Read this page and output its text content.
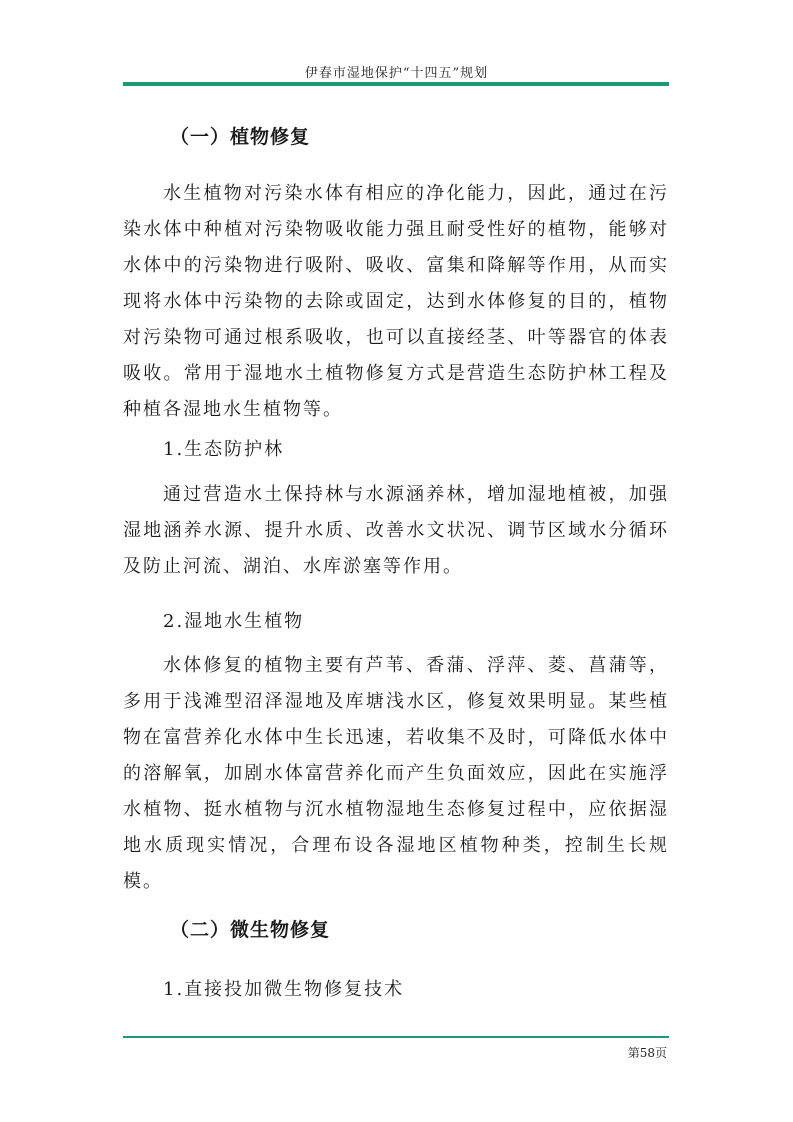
伊春市湿地保护“十四五”规划
（一）植物修复

水生植物对污染水体有相应的净化能力，因此，通过在污染水体中种植对污染物吸收能力强且耐受性好的植物，能够对水体中的污染物进行吸附、吸收、富集和降解等作用，从而实现将水体中污染物的去除或固定，达到水体修复的目的，植物对污染物可通过根系吸收，也可以直接经茎、叶等器官的体表吸收。常用于湿地水土植物修复方式是营造生态防护林工程及种植各湿地水生植物等。

1.生态防护林

通过营造水土保持林与水源涵养林，增加湿地植被，加强湿地涵养水源、提升水质、改善水文状况、调节区域水分循环及防止河流、湖泊、水库淤塞等作用。

2.湿地水生植物

水体修复的植物主要有芦苇、香蒲、浮萍、菱、菖蒲等，多用于浅滩型沼泽湿地及库塘浅水区，修复效果明显。某些植物在富营养化水体中生长迅速，若收集不及时，可降低水体中的溶解氧，加剧水体富营养化而产生负面效应，因此在实施浮水植物、挺水植物与沉水植物湿地生态修复过程中，应依据湿地水质现实情况，合理布设各湿地区植物种类，控制生长规模。

（二）微生物修复
1.直接投加微生物修复技术
第58页
